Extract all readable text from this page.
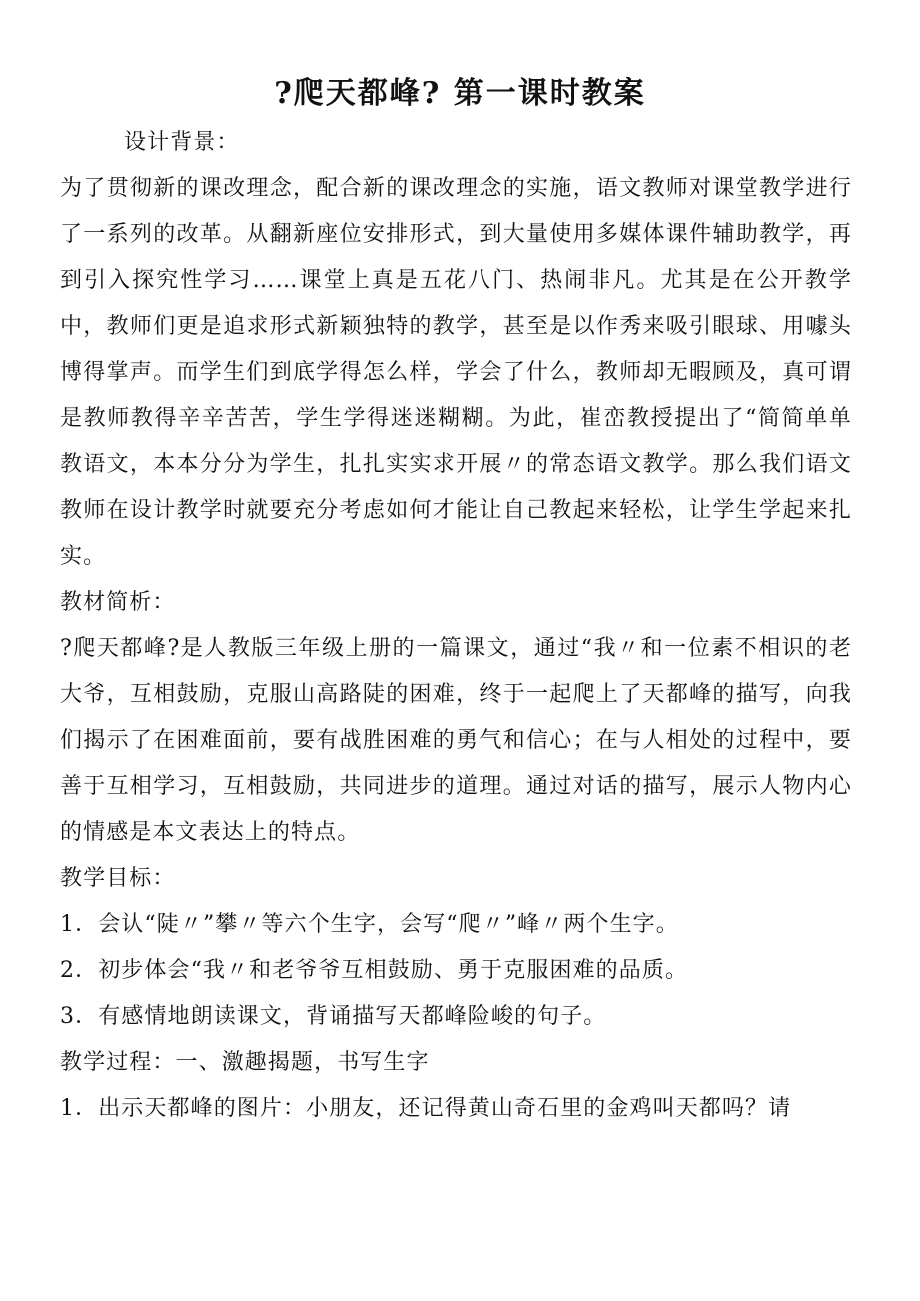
?爬天都峰? 第一课时教案

设计背景：

为了贯彻新的课改理念，配合新的课改理念的实施，语文教师对课堂教学进行了一系列的改革。从翻新座位安排形式，到大量使用多媒体课件辅助教学，再到引入探究性学习……课堂上真是五花八门、热闹非凡。尤其是在公开教学中，教师们更是追求形式新颖独特的教学，甚至是以作秀来吸引眼球、用噱头博得掌声。而学生们到底学得怎么样，学会了什么，教师却无暇顾及，真可谓是教师教得辛辛苦苦，学生学得迷迷糊糊。为此，崔峦教授提出了“简简单单教语文，本本分分为学生，扎扎实实求开展〃的常态语文教学。那么我们语文教师在设计教学时就要充分考虑如何才能让自己教起来轻松，让学生学起来扎实。

教材简析：

?爬天都峰?是人教版三年级上册的一篇课文，通过“我〃和一位素不相识的老大爷，互相鼓励，克服山高路陡的困难，终于一起爬上了天都峰的描写，向我们揭示了在困难面前，要有战胜困难的勇气和信心；在与人相处的过程中，要善于互相学习，互相鼓励，共同进步的道理。通过对话的描写，展示人物内心的情感是本文表达上的特点。

教学目标：

1．会认“陡〃”攀〃等六个生字，会写“爬〃”峰〃两个生字。

2．初步体会“我〃和老爷爷互相鼓励、勇于克服困难的品质。

3．有感情地朗读课文，背诵描写天都峰险峻的句子。

教学过程：一、激趣揭题，书写生字

1．出示天都峰的图片：小朋友，还记得黄山奇石里的金鸡叫天都吗？请
